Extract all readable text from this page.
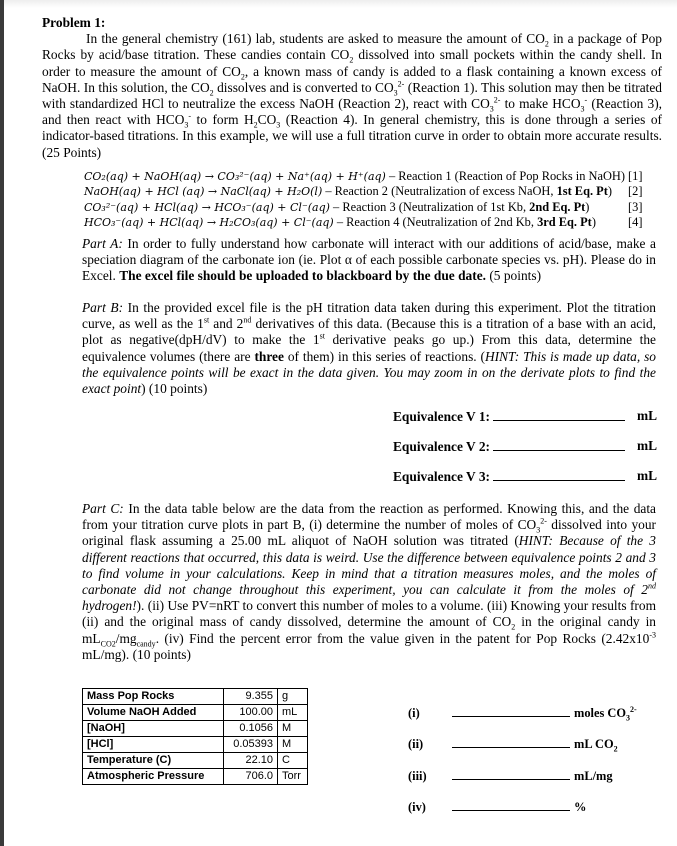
Problem 1:

In the general chemistry (161) lab, students are asked to measure the amount of $CO_2$ in a package of Pop Rocks by acid/base titration. These candies contain $CO_2$ dissolved into small pockets within the candy shell. In order to measure the amount of $CO_2$, a known mass of candy is added to a flask containing a known excess of NaOH. In this solution, the $CO_2$ dissolves and is converted to $CO_3^{2-}$ (Reaction 1). This solution may then be titrated with standardized HCl to neutralize the excess NaOH (Reaction 2), react with $CO_3^{2-}$ to make $HCO_3^-$ (Reaction 3), and then react with $HCO_3^-$ to form $H_2CO_3$ (Reaction 4). In general chemistry, this is done through a series of indicator-based titrations. In this example, we will use a full titration curve in order to obtain more accurate results. (25 Points)

CO₂(aq) + NaOH(aq) → CO₃²⁻(aq) + Na⁺(aq) + H⁺(aq) – Reaction 1 (Reaction of Pop Rocks in NaOH) [1]
NaOH(aq) + HCl (aq) → NaCl(aq) + H₂O(l) – Reaction 2 (Neutralization of excess NaOH, 1st Eq. Pt) [2]
CO₃²⁻(aq) + HCl(aq) → HCO₃⁻(aq) + Cl⁻(aq) – Reaction 3 (Neutralization of 1st Kb, 2nd Eq. Pt)	[3]
HCO₃⁻(aq) + HCl(aq) → H₂CO₃(aq) + Cl⁻(aq) – Reaction 4 (Neutralization of 2nd Kb, 3rd Eq. Pt)	[4]
Part A: In order to fully understand how carbonate will interact with our additions of acid/base, make a speciation diagram of the carbonate ion (ie. Plot α of each possible carbonate species vs. pH). Please do in Excel. The excel file should be uploaded to blackboard by the due date. (5 points)
Part B: In the provided excel file is the pH titration data taken during this experiment. Plot the titration curve, as well as the 1st and 2nd derivatives of this data. (Because this is a titration of a base with an acid, plot as negative(dpH/dV) to make the 1st derivative peaks go up.) From this data, determine the equivalence volumes (there are three of them) in this series of reactions. (HINT: This is made up data, so the equivalence points will be exact in the data given. You may zoom in on the derivate plots to find the exact point) (10 points)
Equivalence V 1:	mL
Equivalence V 2:	mL
Equivalence V 3:	mL
Part C: In the data table below are the data from the reaction as performed. Knowing this, and the data from your titration curve plots in part B, (i) determine the number of moles of $CO_3^{2-}$ dissolved into your original flask assuming a 25.00 mL aliquot of NaOH solution was titrated (HINT: Because of the 3 different reactions that occurred, this data is weird. Use the difference between equivalence points 2 and 3 to find volume in your calculations. Keep in mind that a titration measures moles, and the moles of carbonate did not change throughout this experiment, you can calculate it from the moles of 2nd hydrogen!). (ii) Use PV=nRT to convert this number of moles to a volume. (iii) Knowing your results from (ii) and the original mass of candy dissolved, determine the amount of $CO_2$ in the original candy in $mL_{CO2}/mg_{candy}$. (iv) Find the percent error from the value given in the patent for Pop Rocks ($2.42x10^{-3}$ mL/mg). (10 points)
Mass Pop Rocks	9.355	g
Volume NaOH Added	100.00	mL
[NaOH]	0.1056	M
[HCl]	0.05393	M
Temperature (C)	22.10	C
Atmospheric Pressure	706.0	Torr
(i)	moles $CO_3^{2-}$
(ii)	mL $CO_2$
(iii)	mL/mg
(iv)	%
